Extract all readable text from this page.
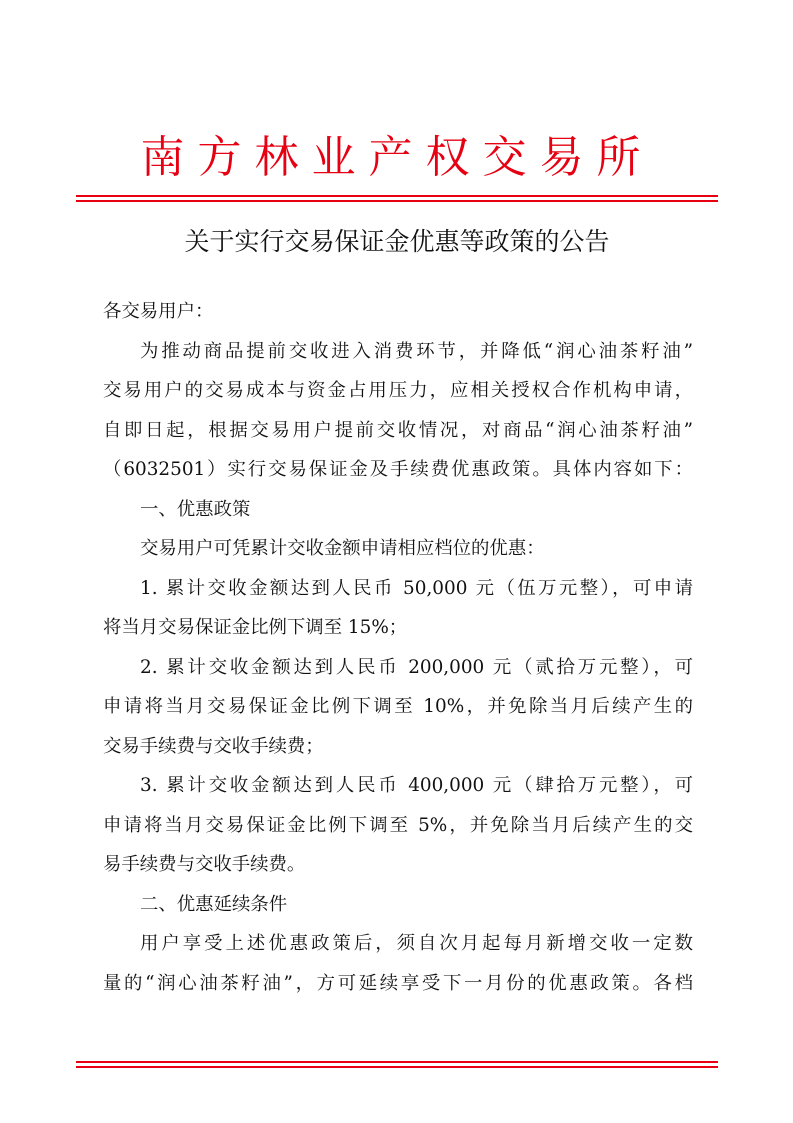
南方林业产权交易所
关于实行交易保证金优惠等政策的公告
各交易用户：
为推动商品提前交收进入消费环节，并降低“润心油茶籽油”
交易用户的交易成本与资金占用压力，应相关授权合作机构申请，
自即日起，根据交易用户提前交收情况，对商品“润心油茶籽油”
（6032501）实行交易保证金及手续费优惠政策。具体内容如下：
一、优惠政策
交易用户可凭累计交收金额申请相应档位的优惠：
1. 累计交收金额达到人民币 50,000 元（伍万元整），可申请
将当月交易保证金比例下调至 15%；
2. 累计交收金额达到人民币 200,000 元（贰拾万元整），可
申请将当月交易保证金比例下调至 10%，并免除当月后续产生的
交易手续费与交收手续费；
3. 累计交收金额达到人民币 400,000 元（肆拾万元整），可
申请将当月交易保证金比例下调至 5%，并免除当月后续产生的交
易手续费与交收手续费。
二、优惠延续条件
用户享受上述优惠政策后，须自次月起每月新增交收一定数
量的“润心油茶籽油”，方可延续享受下一月份的优惠政策。各档
